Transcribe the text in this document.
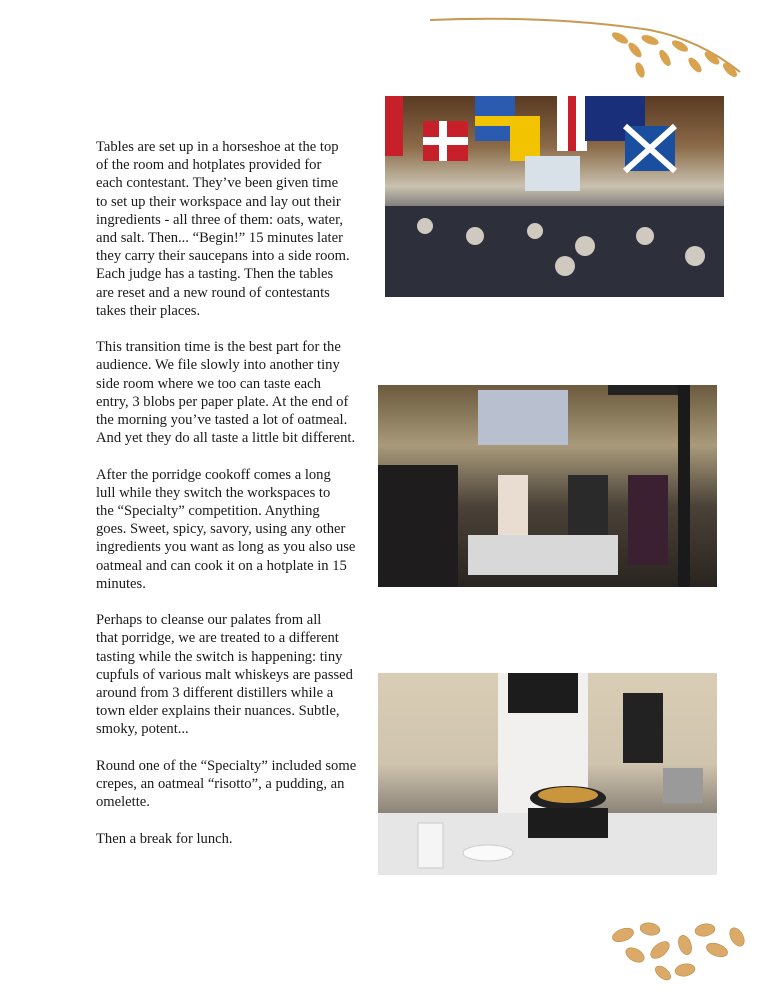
Tables are set up in a horseshoe at the top
of the room and hotplates provided for
each contestant. They’ve been given time
to set up their workspace and lay out their
ingredients - all three of them: oats, water,
and salt. Then... “Begin!” 15 minutes later
they carry their saucepans into a side room.
Each judge has a tasting. Then the tables
are reset and a new round of contestants
takes their places.

This transition time is the best part for the
audience. We file slowly into another tiny
side room where we too can taste each
entry, 3 blobs per paper plate. At the end of
the morning you’ve tasted a lot of oatmeal.
And yet they do all taste a little bit different.

After the porridge cookoff comes a long
lull while they switch the workspaces to
the “Specialty” competition. Anything
goes. Sweet, spicy, savory, using any other
ingredients you want as long as you also use
oatmeal and can cook it on a hotplate in 15
minutes.

Perhaps to cleanse our palates from all
that porridge, we are treated to a different
tasting while the switch is happening: tiny
cupfuls of various malt whiskeys are passed
around from 3 different distillers while a
town elder explains their nuances. Subtle,
smoky, potent...

Round one of the “Specialty” included some
crepes, an oatmeal “risotto”, a pudding, an
omelette.

Then a break for lunch.
